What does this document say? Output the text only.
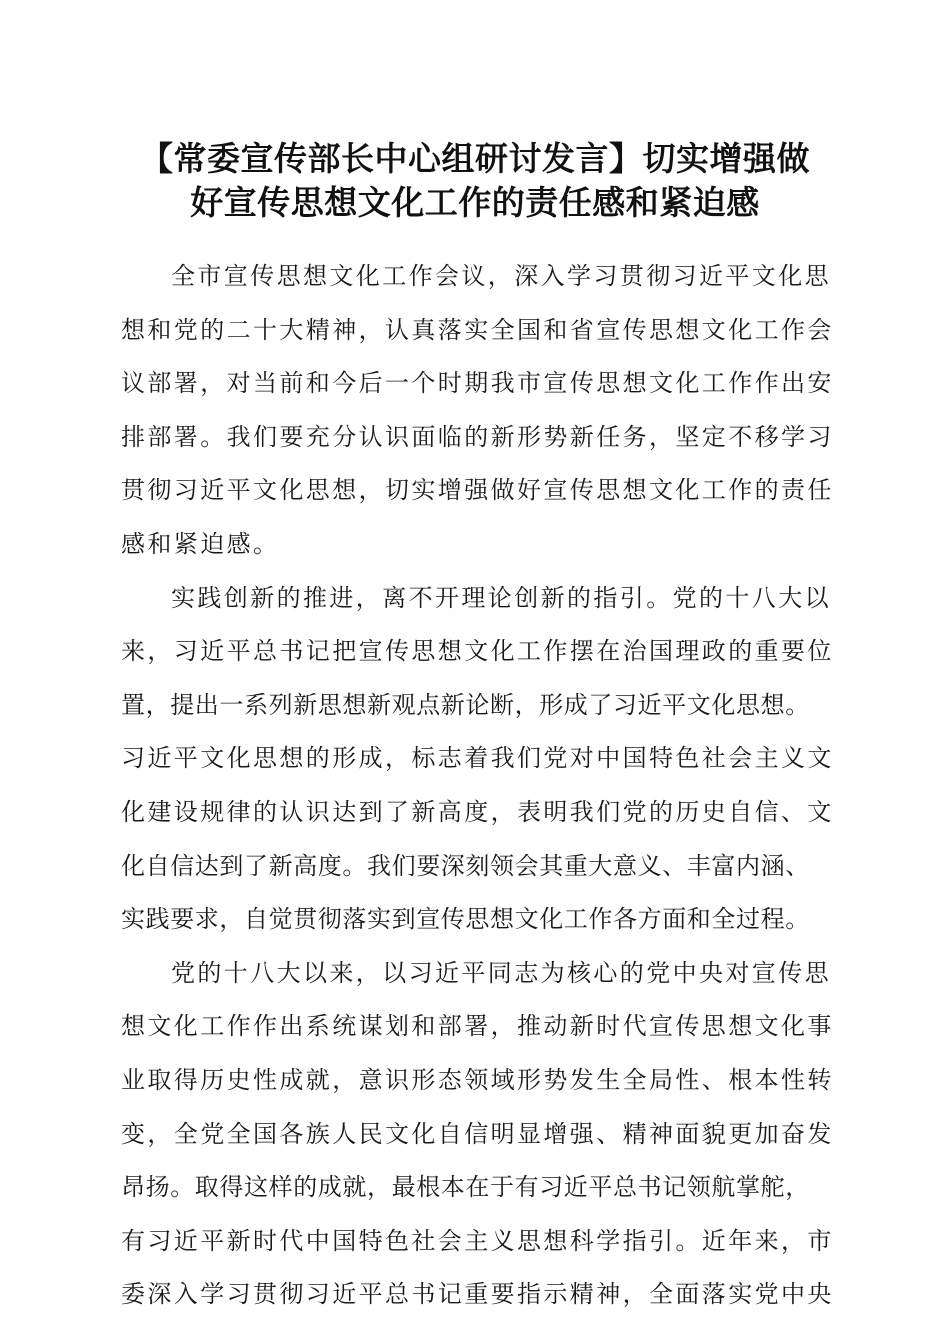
【常委宣传部长中心组研讨发言】切实增强做
好宣传思想文化工作的责任感和紧迫感
全市宣传思想文化工作会议，深入学习贯彻习近平文化思
想和党的二十大精神，认真落实全国和省宣传思想文化工作会
议部署，对当前和今后一个时期我市宣传思想文化工作作出安
排部署。我们要充分认识面临的新形势新任务，坚定不移学习
贯彻习近平文化思想，切实增强做好宣传思想文化工作的责任
感和紧迫感。
实践创新的推进，离不开理论创新的指引。党的十八大以
来，习近平总书记把宣传思想文化工作摆在治国理政的重要位
置，提出一系列新思想新观点新论断，形成了习近平文化思想。
习近平文化思想的形成，标志着我们党对中国特色社会主义文
化建设规律的认识达到了新高度，表明我们党的历史自信、文
化自信达到了新高度。我们要深刻领会其重大意义、丰富内涵、
实践要求，自觉贯彻落实到宣传思想文化工作各方面和全过程。
党的十八大以来，以习近平同志为核心的党中央对宣传思
想文化工作作出系统谋划和部署，推动新时代宣传思想文化事
业取得历史性成就，意识形态领域形势发生全局性、根本性转
变，全党全国各族人民文化自信明显增强、精神面貌更加奋发
昂扬。取得这样的成就，最根本在于有习近平总书记领航掌舵，
有习近平新时代中国特色社会主义思想科学指引。近年来，市
委深入学习贯彻习近平总书记重要指示精神，全面落实党中央
